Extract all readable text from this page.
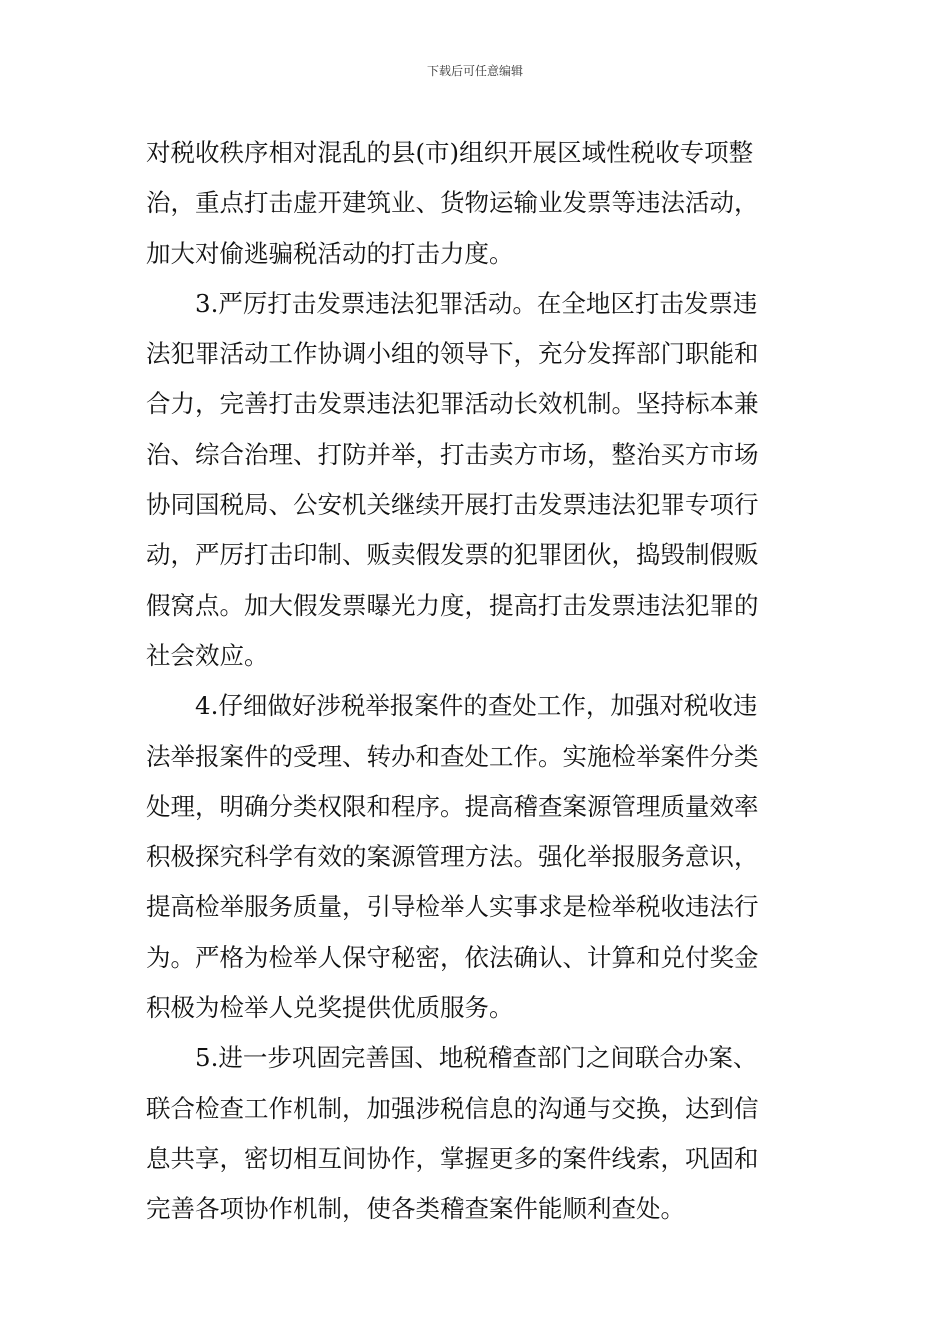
下载后可任意编辑
对税收秩序相对混乱的县(市)组织开展区域性税收专项整
治，重点打击虚开建筑业、货物运输业发票等违法活动，
加大对偷逃骗税活动的打击力度。
3.严厉打击发票违法犯罪活动。在全地区打击发票违
法犯罪活动工作协调小组的领导下，充分发挥部门职能和
合力，完善打击发票违法犯罪活动长效机制。坚持标本兼
治、综合治理、打防并举，打击卖方市场，整治买方市场
协同国税局、公安机关继续开展打击发票违法犯罪专项行
动，严厉打击印制、贩卖假发票的犯罪团伙，捣毁制假贩
假窝点。加大假发票曝光力度，提高打击发票违法犯罪的
社会效应。
4.仔细做好涉税举报案件的查处工作，加强对税收违
法举报案件的受理、转办和查处工作。实施检举案件分类
处理，明确分类权限和程序。提高稽查案源管理质量效率
积极探究科学有效的案源管理方法。强化举报服务意识，
提高检举服务质量，引导检举人实事求是检举税收违法行
为。严格为检举人保守秘密，依法确认、计算和兑付奖金
积极为检举人兑奖提供优质服务。
5.进一步巩固完善国、地税稽查部门之间联合办案、
联合检查工作机制，加强涉税信息的沟通与交换，达到信
息共享，密切相互间协作，掌握更多的案件线索，巩固和
完善各项协作机制，使各类稽查案件能顺利查处。
